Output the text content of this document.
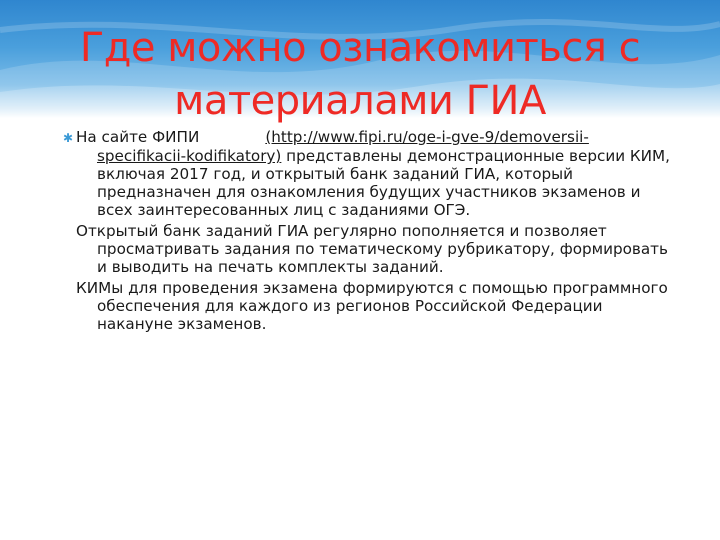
Где можно ознакомиться с материалами ГИА

✱ На сайте ФИПИ	(http://www.fipi.ru/oge-i-gve-9/demoversii-specifikacii-kodifikatory) представлены демонстрационные версии КИМ, включая 2017 год, и открытый банк заданий ГИА, который предназначен для ознакомления будущих участников экзаменов и всех заинтересованных лиц с заданиями ОГЭ.

Открытый банк заданий ГИА регулярно пополняется и позволяет просматривать задания по тематическому рубрикатору, формировать и выводить на печать комплекты заданий.

КИМы для проведения экзамена формируются с помощью программного обеспечения для каждого из регионов Российской Федерации накануне экзаменов.
